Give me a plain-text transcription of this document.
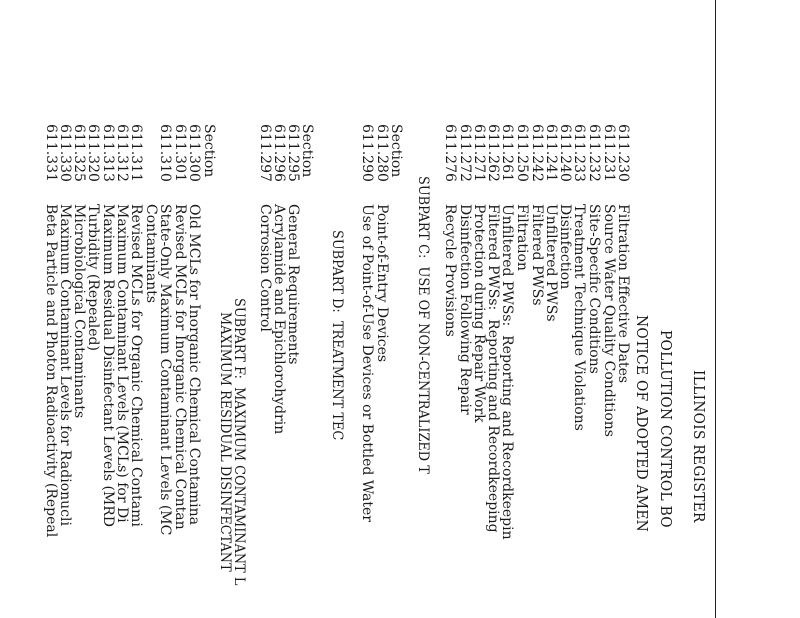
ILLINOIS REGISTER
POLLUTION CONTROL BO
NOTICE OF ADOPTED AMEN
611.230
Filtration Effective Dates
611.231
Source Water Quality Conditions
611.232
Site-Specific Conditions
611.233
Treatment Technique Violations
611.240
Disinfection
611.241
Unfiltered PWSs
611.242
Filtered PWSs
611.250
Filtration
611.261
Unfiltered PWSs:  Reporting and Recordkeepin
611.262
Filtered PWSs:  Reporting and Recordkeeping
611.271
Protection during Repair Work
611.272
Disinfection Following Repair
611.276
Recycle Provisions
SUBPART C:  USE OF NON-CENTRALIZED T
Section
611.280
Point-of-Entry Devices
611.290
Use of Point-of-Use Devices or Bottled Water
SUBPART D:  TREATMENT TEC
Section
611.295
General Requirements
611.296
Acrylamide and Epichlorohydrin
611.297
Corrosion Control
SUBPART F:  MAXIMUM CONTAMINANT L
MAXIMUM RESIDUAL DISINFECTANT
Section
611.300
Old MCLs for Inorganic Chemical Contamina
611.301
Revised MCLs for Inorganic Chemical Contan
611.310
State-Only Maximum Contaminant Levels (MC
Contaminants
611.311
Revised MCLs for Organic Chemical Contami
611.312
Maximum Contaminant Levels (MCLs) for Di
611.313
Maximum Residual Disinfectant Levels (MRD
611.320
Turbidity (Repealed)
611.325
Microbiological Contaminants
611.330
Maximum Contaminant Levels for Radionucli
611.331
Beta Particle and Photon Radioactivity (Repeal
